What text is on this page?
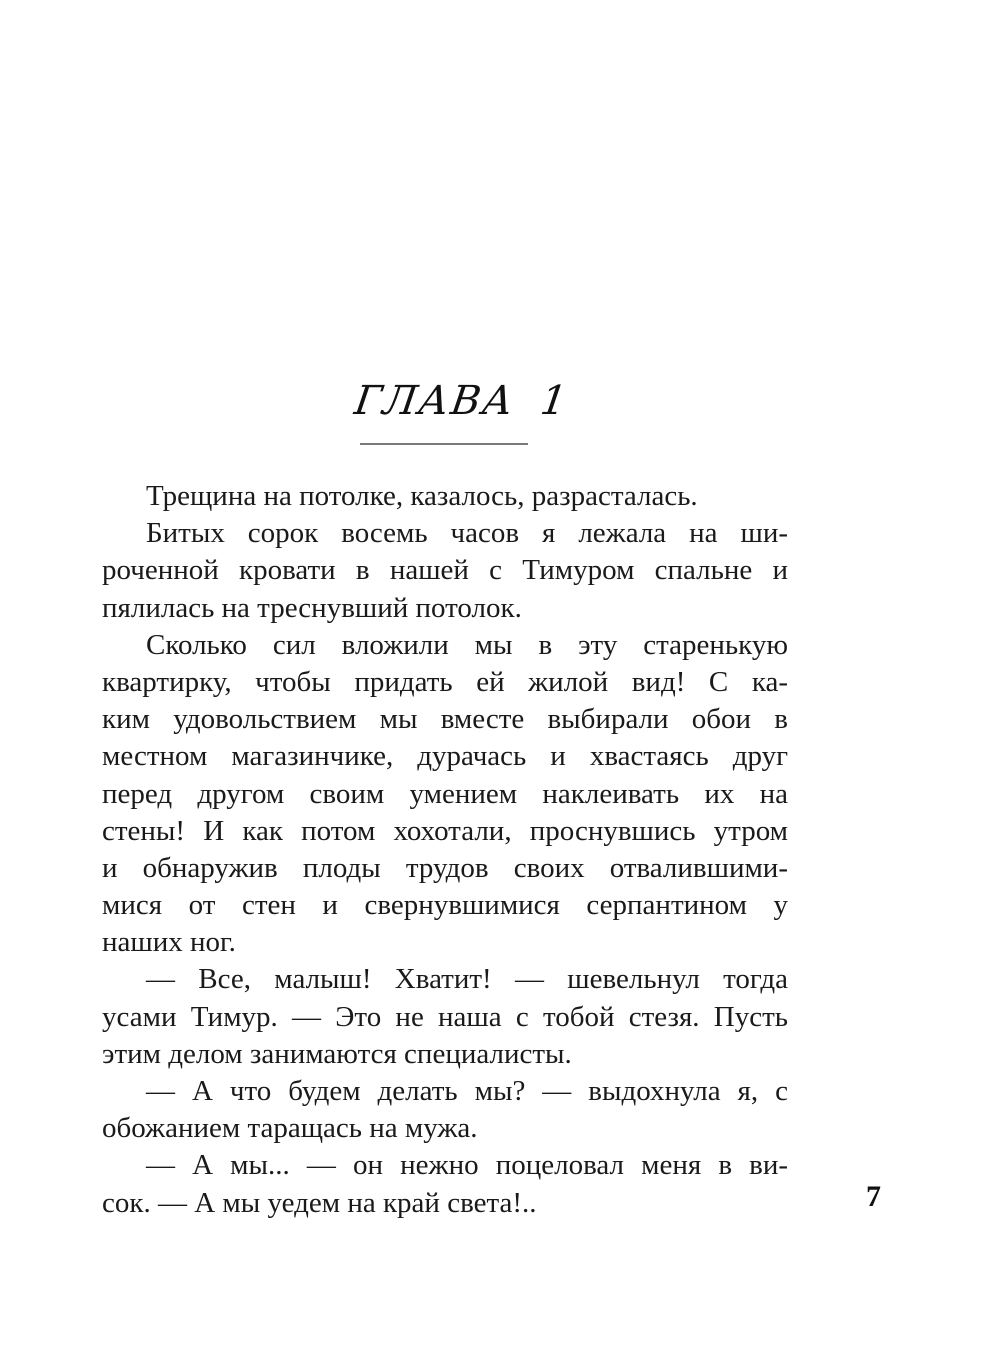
ГЛАВА 1
Трещина на потолке, казалось, разрасталась.
Битых сорок восемь часов я лежала на ши-
роченной кровати в нашей с Тимуром спальне и
пялилась на треснувший потолок.
Сколько сил вложили мы в эту старенькую
квартирку, чтобы придать ей жилой вид! С ка-
ким удовольствием мы вместе выбирали обои в
местном магазинчике, дурачась и хвастаясь друг
перед другом своим умением наклеивать их на
стены! И как потом хохотали, проснувшись утром
и обнаружив плоды трудов своих отвалившими-
мися от стен и свернувшимися серпантином у
наших ног.
— Все, малыш! Хватит! — шевельнул тогда
усами Тимур. — Это не наша с тобой стезя. Пусть
этим делом занимаются специалисты.
— А что будем делать мы? — выдохнула я, с
обожанием таращась на мужа.
— А мы... — он нежно поцеловал меня в ви-
сок. — А мы уедем на край света!..	7
